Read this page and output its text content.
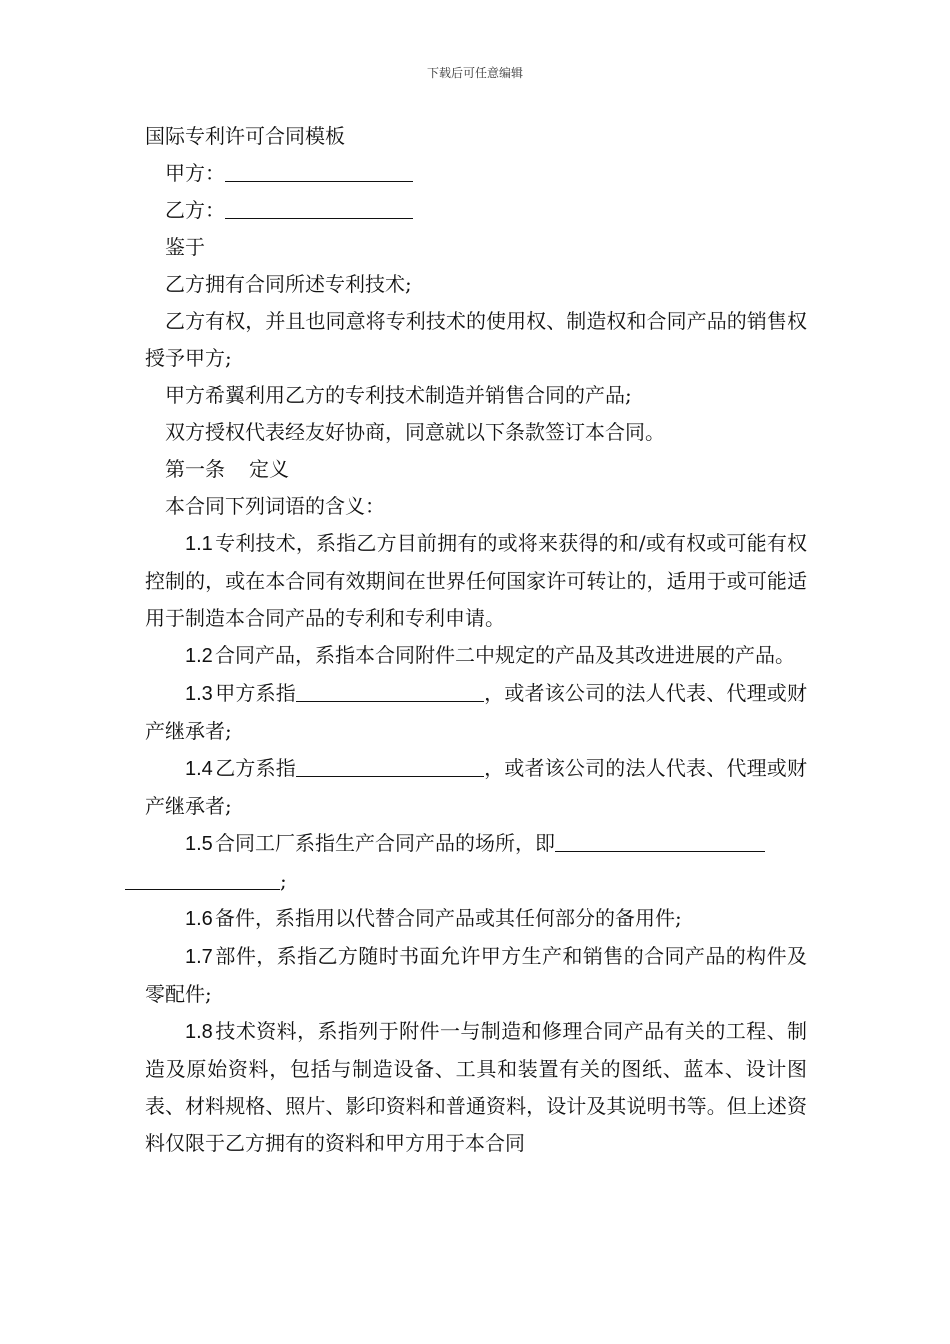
下载后可任意编辑

国际专利许可合同模板

甲方：

乙方：

鉴于

乙方拥有合同所述专利技术;

乙方有权，并且也同意将专利技术的使用权、制造权和合同产品的销售权授予甲方;

甲方希翼利用乙方的专利技术制造并销售合同的产品;

双方授权代表经友好协商，同意就以下条款签订本合同。

第一条 定义

本合同下列词语的含义：

1.1 专利技术，系指乙方目前拥有的或将来获得的和/或有权或可能有权控制的，或在本合同有效期间在世界任何国家许可转让的，适用于或可能适用于制造本合同产品的专利和专利申请。

1.2 合同产品，系指本合同附件二中规定的产品及其改进进展的产品。

1.3 甲方系指	，或者该公司的法人代表、代理或财产继承者;

1.4 乙方系指	，或者该公司的法人代表、代理或财产继承者;

1.5 合同工厂系指生产合同产品的场所，即
;

1.6 备件，系指用以代替合同产品或其任何部分的备用件;

1.7 部件，系指乙方随时书面允许甲方生产和销售的合同产品的构件及零配件;

1.8 技术资料，系指列于附件一与制造和修理合同产品有关的工程、制造及原始资料，包括与制造设备、工具和装置有关的图纸、蓝本、设计图表、材料规格、照片、影印资料和普通资料，设计及其说明书等。但上述资料仅限于乙方拥有的资料和甲方用于本合同
